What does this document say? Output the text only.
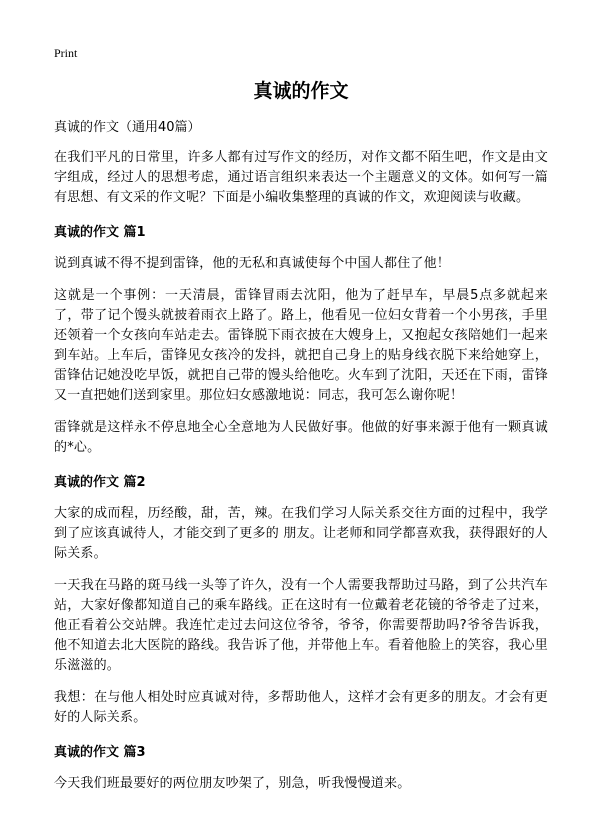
Print
真诚的作文
真诚的作文（通用40篇）

在我们平凡的日常里，许多人都有过写作文的经历，对作文都不陌生吧，作文是由文字组成，经过人的思想考虑，通过语言组织来表达一个主题意义的文体。如何写一篇有思想、有文采的作文呢？下面是小编收集整理的真诚的作文，欢迎阅读与收藏。

真诚的作文 篇1

说到真诚不得不提到雷锋，他的无私和真诚使每个中国人都住了他！

这就是一个事例：一天清晨，雷锋冒雨去沈阳，他为了赶早车，早晨5点多就起来了，带了记个馒头就披着雨衣上路了。路上，他看见一位妇女背着一个小男孩，手里还领着一个女孩向车站走去。雷锋脱下雨衣披在大嫂身上，又抱起女孩陪她们一起来到车站。上车后，雷锋见女孩冷的发抖，就把自己身上的贴身线衣脱下来给她穿上，雷锋估记她没吃早饭，就把自己带的馒头给他吃。火车到了沈阳，天还在下雨，雷锋又一直把她们送到家里。那位妇女感激地说：同志，我可怎么谢你呢！

雷锋就是这样永不停息地全心全意地为人民做好事。他做的好事来源于他有一颗真诚的*心。

真诚的作文 篇2

大家的成而程，历经酸，甜，苦，辣。在我们学习人际关系交往方面的过程中，我学到了应该真诚待人，才能交到了更多的 朋友。让老师和同学都喜欢我，获得跟好的人际关系。

一天我在马路的斑马线一头等了许久，没有一个人需要我帮助过马路，到了公共汽车站，大家好像都知道自己的乘车路线。正在这时有一位戴着老花镜的爷爷走了过来，他正看着公交站牌。我连忙走过去问这位爷爷，爷爷，你需要帮助吗?爷爷告诉我，他不知道去北大医院的路线。我告诉了他，并带他上车。看着他脸上的笑容，我心里乐滋滋的。

我想：在与他人相处时应真诚对待，多帮助他人，这样才会有更多的朋友。才会有更好的人际关系。

真诚的作文 篇3

今天我们班最要好的两位朋友吵架了，别急，听我慢慢道来。
